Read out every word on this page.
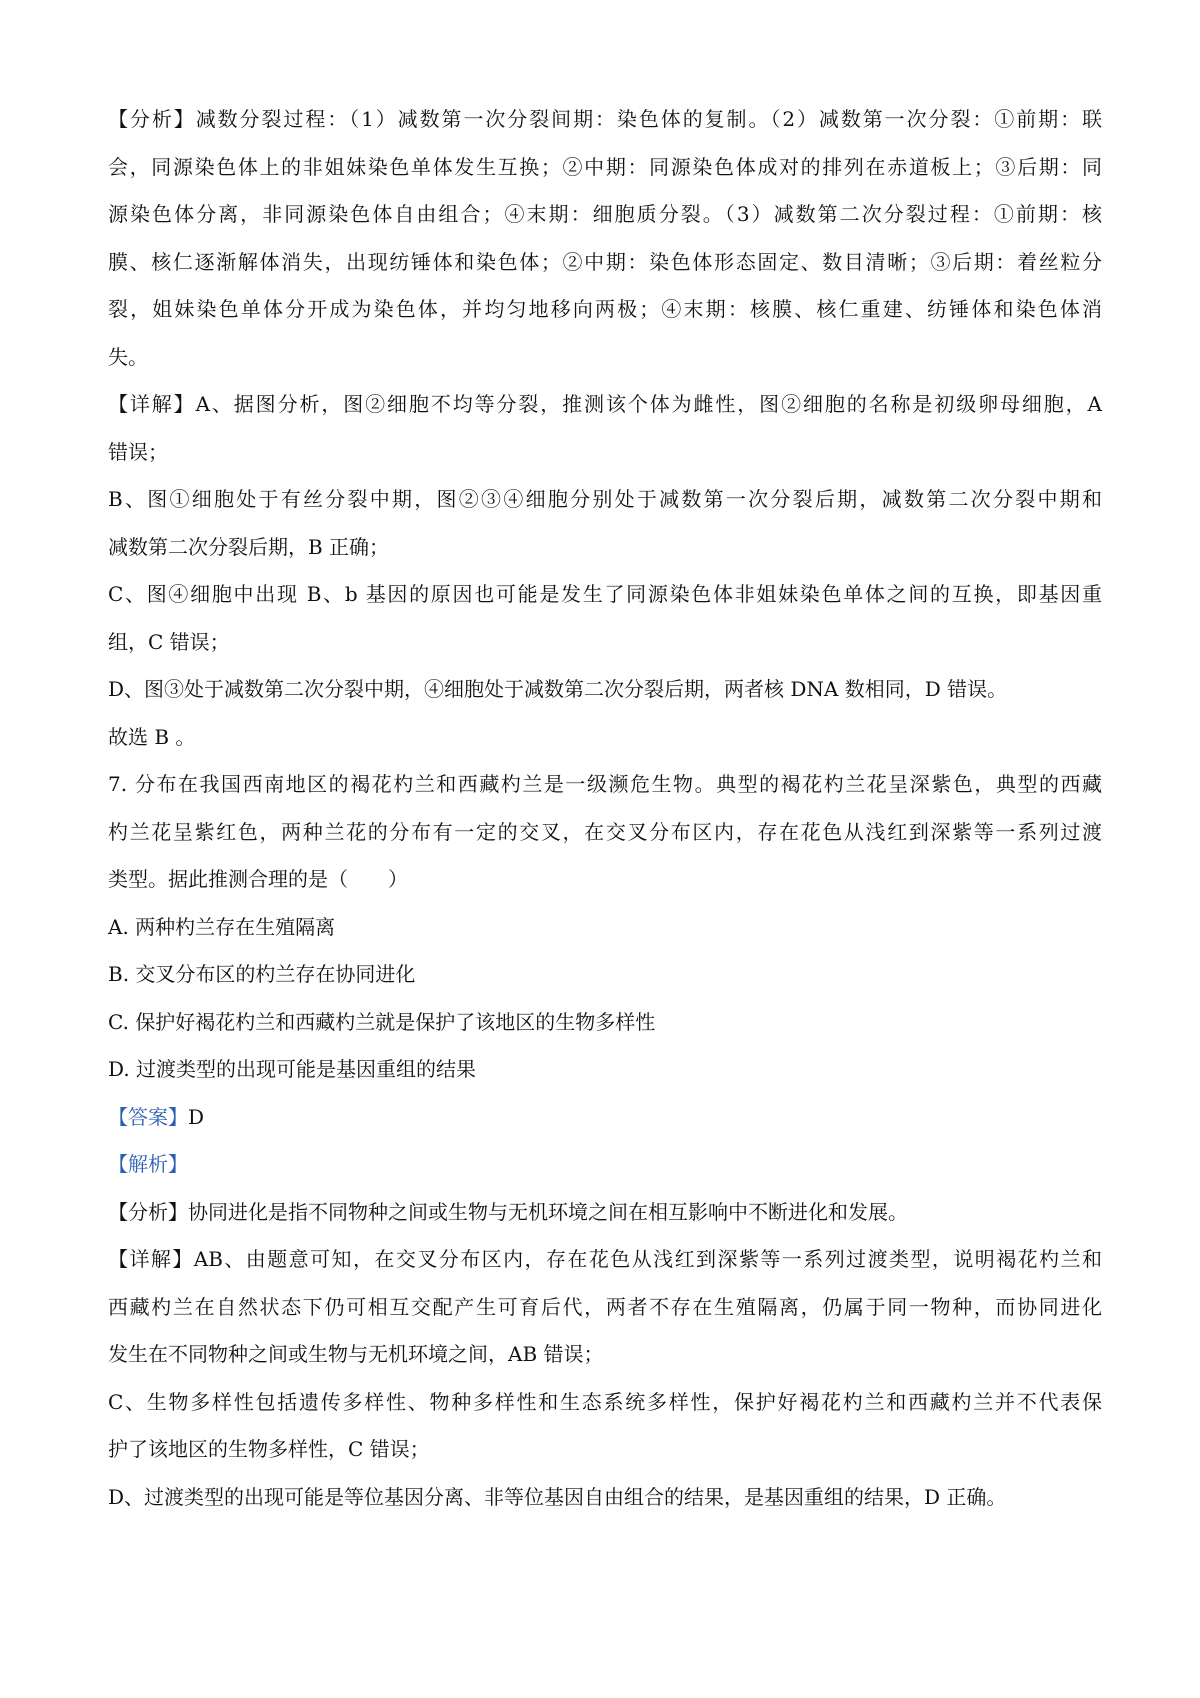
【分析】减数分裂过程：（1）减数第一次分裂间期：染色体的复制。（2）减数第一次分裂：①前期：联

会，同源染色体上的非姐妹染色单体发生互换；②中期：同源染色体成对的排列在赤道板上；③后期：同

源染色体分离，非同源染色体自由组合；④末期：细胞质分裂。（3）减数第二次分裂过程：①前期：核

膜、核仁逐渐解体消失，出现纺锤体和染色体；②中期：染色体形态固定、数目清晰；③后期：着丝粒分

裂，姐妹染色单体分开成为染色体，并均匀地移向两极；④末期：核膜、核仁重建、纺锤体和染色体消

失。

【详解】A、据图分析，图②细胞不均等分裂，推测该个体为雌性，图②细胞的名称是初级卵母细胞，A

错误；

B、图①细胞处于有丝分裂中期，图②③④细胞分别处于减数第一次分裂后期，减数第二次分裂中期和

减数第二次分裂后期，B 正确；

C、图④细胞中出现 B、b 基因的原因也可能是发生了同源染色体非姐妹染色单体之间的互换，即基因重

组，C 错误；

D、图③处于减数第二次分裂中期，④细胞处于减数第二次分裂后期，两者核 DNA 数相同，D 错误。

故选 B 。

7. 分布在我国西南地区的褐花杓兰和西藏杓兰是一级濒危生物。典型的褐花杓兰花呈深紫色，典型的西藏

杓兰花呈紫红色，两种兰花的分布有一定的交叉，在交叉分布区内，存在花色从浅红到深紫等一系列过渡

类型。据此推测合理的是（　　）

A. 两种杓兰存在生殖隔离

B. 交叉分布区的杓兰存在协同进化

C. 保护好褐花杓兰和西藏杓兰就是保护了该地区的生物多样性

D. 过渡类型的出现可能是基因重组的结果

【答案】D

【解析】

【分析】协同进化是指不同物种之间或生物与无机环境之间在相互影响中不断进化和发展。

【详解】AB、由题意可知，在交叉分布区内，存在花色从浅红到深紫等一系列过渡类型，说明褐花杓兰和

西藏杓兰在自然状态下仍可相互交配产生可育后代，两者不存在生殖隔离，仍属于同一物种，而协同进化

发生在不同物种之间或生物与无机环境之间，AB 错误；

C、生物多样性包括遗传多样性、物种多样性和生态系统多样性，保护好褐花杓兰和西藏杓兰并不代表保

护了该地区的生物多样性，C 错误；

D、过渡类型的出现可能是等位基因分离、非等位基因自由组合的结果，是基因重组的结果，D 正确。
